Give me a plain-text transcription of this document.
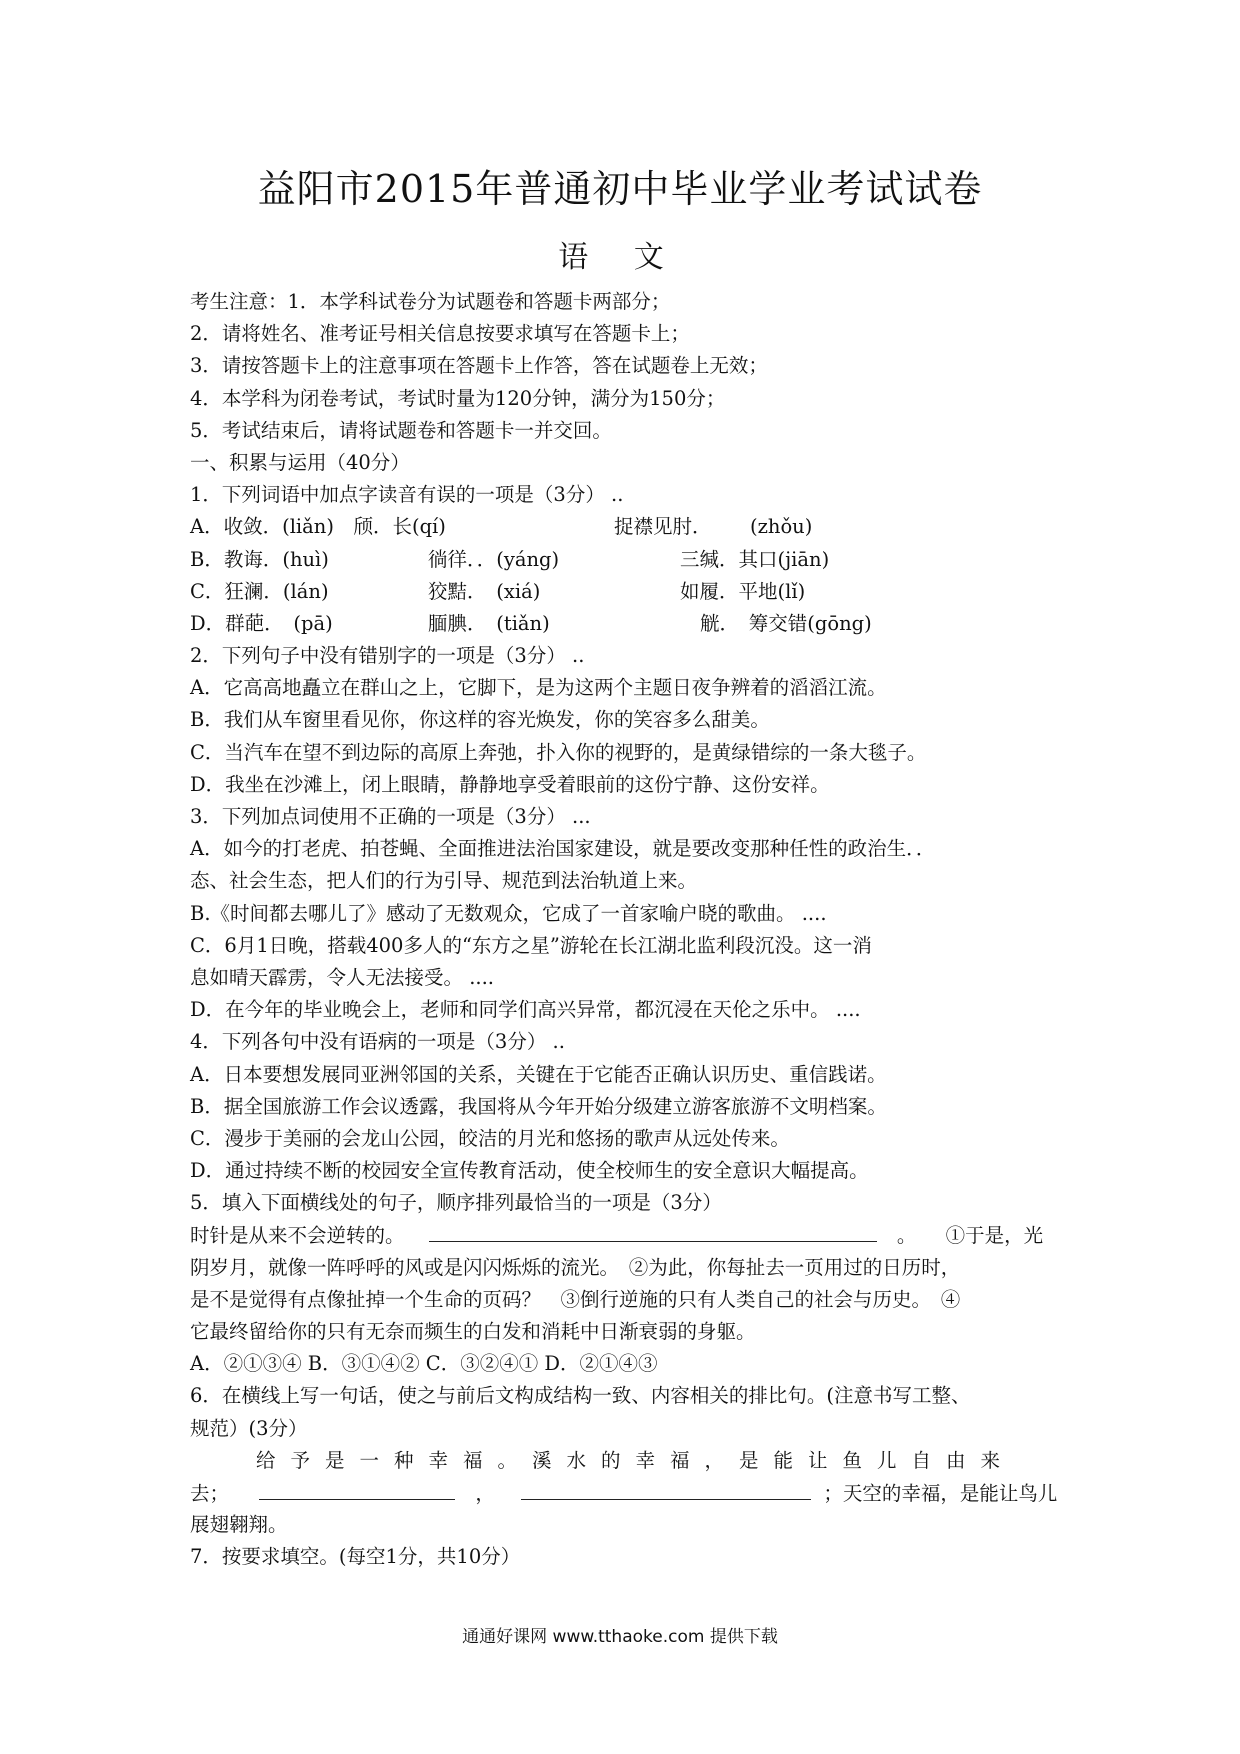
益阳市2015年普通初中毕业学业考试试卷
语 文
考生注意：1．本学科试卷分为试题卷和答题卡两部分；
2．请将姓名、准考证号相关信息按要求填写在答题卡上；
3．请按答题卡上的注意事项在答题卡上作答，答在试题卷上无效；
4．本学科为闭卷考试，考试时量为120分钟，满分为150分；
5．考试结束后，请将试题卷和答题卡一并交回。
一、积累与运用（40分）
1．下列词语中加点字读音有误的一项是（3分） ..
A．收敛．(liǎn)　颀．长(qí)	捉襟见肘．	(zhǒu)
B．教诲．(huì)	徜徉．．(yáng)	三缄．其口(jiān)
C．狂澜．(lán)	狡黠．　(xiá)	如履．平地(lǐ)
D．群葩．　(pā)	腼腆．　(tiǎn)	觥．　筹交错(gōng)
2．下列句子中没有错别字的一项是（3分） ..
A．它高高地矗立在群山之上，它脚下，是为这两个主题日夜争辨着的滔滔江流。
B．我们从车窗里看见你，你这样的容光焕发，你的笑容多么甜美。
C．当汽车在望不到边际的高原上奔弛，扑入你的视野的，是黄绿错综的一条大毯子。
D．我坐在沙滩上，闭上眼睛，静静地享受着眼前的这份宁静、这份安祥。
3．下列加点词使用不正确的一项是（3分） ...
A．如今的打老虎、拍苍蝇、全面推进法治国家建设，就是要改变那种任性的政治生．．
态、社会生态，把人们的行为引导、规范到法治轨道上来。
B.《时间都去哪儿了》感动了无数观众，它成了一首家喻户晓的歌曲。 ....
C．6月1日晚，搭载400多人的“东方之星”游轮在长江湖北监利段沉没。这一消
息如晴天霹雳，令人无法接受。 ....
D．在今年的毕业晚会上，老师和同学们高兴异常，都沉浸在天伦之乐中。 ....
4．下列各句中没有语病的一项是（3分） ..
A．日本要想发展同亚洲邻国的关系，关键在于它能否正确认识历史、重信践诺。
B．据全国旅游工作会议透露，我国将从今年开始分级建立游客旅游不文明档案。
C．漫步于美丽的会龙山公园，皎洁的月光和悠扬的歌声从远处传来。
D．通过持续不断的校园安全宣传教育活动，使全校师生的安全意识大幅提高。
5．填入下面横线处的句子，顺序排列最恰当的一项是（3分）
时针是从来不会逆转的。	。　　①于是，光
阴岁月，就像一阵呼呼的风或是闪闪烁烁的流光。　②为此，你每扯去一页用过的日历时，
是不是觉得有点像扯掉一个生命的页码？　③倒行逆施的只有人类自己的社会与历史。　④
它最终留给你的只有无奈而频生的白发和消耗中日渐衰弱的身躯。
A．②①③④ B．③①④② C．③②④① D．②①④③
6．在横线上写一句话，使之与前后文构成结构一致、内容相关的排比句。(注意书写工整、
规范）(3分）
给予是一种幸福。溪水的幸福，是能让鱼儿自由来
去；	，	；天空的幸福，是能让鸟儿
展翅翱翔。
7．按要求填空。(每空1分，共10分）
通通好课网 www.tthaoke.com 提供下载
